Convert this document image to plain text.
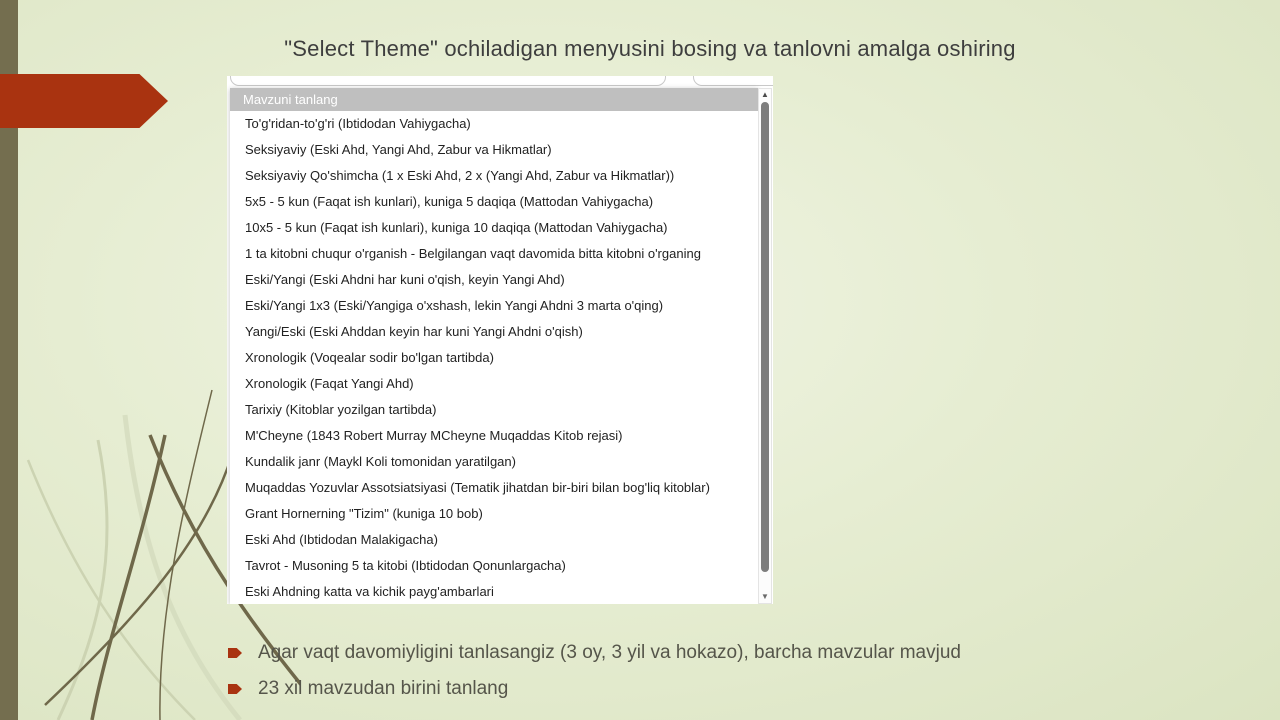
"Select Theme" ochiladigan menyusini bosing va tanlovni amalga oshiring
Mavzuni tanlang
To'g'ridan-to'g'ri (Ibtidodan Vahiygacha)
Seksiyaviy (Eski Ahd, Yangi Ahd, Zabur va Hikmatlar)
Seksiyaviy Qo'shimcha (1 x Eski Ahd, 2 x (Yangi Ahd, Zabur va Hikmatlar))
5x5 - 5 kun (Faqat ish kunlari), kuniga 5 daqiqa (Mattodan Vahiygacha)
10x5 - 5 kun (Faqat ish kunlari), kuniga 10 daqiqa (Mattodan Vahiygacha)
1 ta kitobni chuqur o'rganish - Belgilangan vaqt davomida bitta kitobni o'rganing
Eski/Yangi (Eski Ahdni har kuni o'qish, keyin Yangi Ahd)
Eski/Yangi 1x3 (Eski/Yangiga o'xshash, lekin Yangi Ahdni 3 marta o'qing)
Yangi/Eski (Eski Ahddan keyin har kuni Yangi Ahdni o'qish)
Xronologik (Voqealar sodir bo'lgan tartibda)
Xronologik (Faqat Yangi Ahd)
Tarixiy (Kitoblar yozilgan tartibda)
M'Cheyne (1843 Robert Murray MCheyne Muqaddas Kitob rejasi)
Kundalik janr (Maykl Koli tomonidan yaratilgan)
Muqaddas Yozuvlar Assotsiatsiyasi (Tematik jihatdan bir-biri bilan bog'liq kitoblar)
Grant Hornerning "Tizim" (kuniga 10 bob)
Eski Ahd (Ibtidodan Malakigacha)
Tavrot - Musoning 5 ta kitobi (Ibtidodan Qonunlargacha)
Eski Ahdning katta va kichik payg'ambarlari
▲
▼
Agar vaqt davomiyligini tanlasangiz (3 oy, 3 yil va hokazo), barcha mavzular mavjud
23 xil mavzudan birini tanlang
